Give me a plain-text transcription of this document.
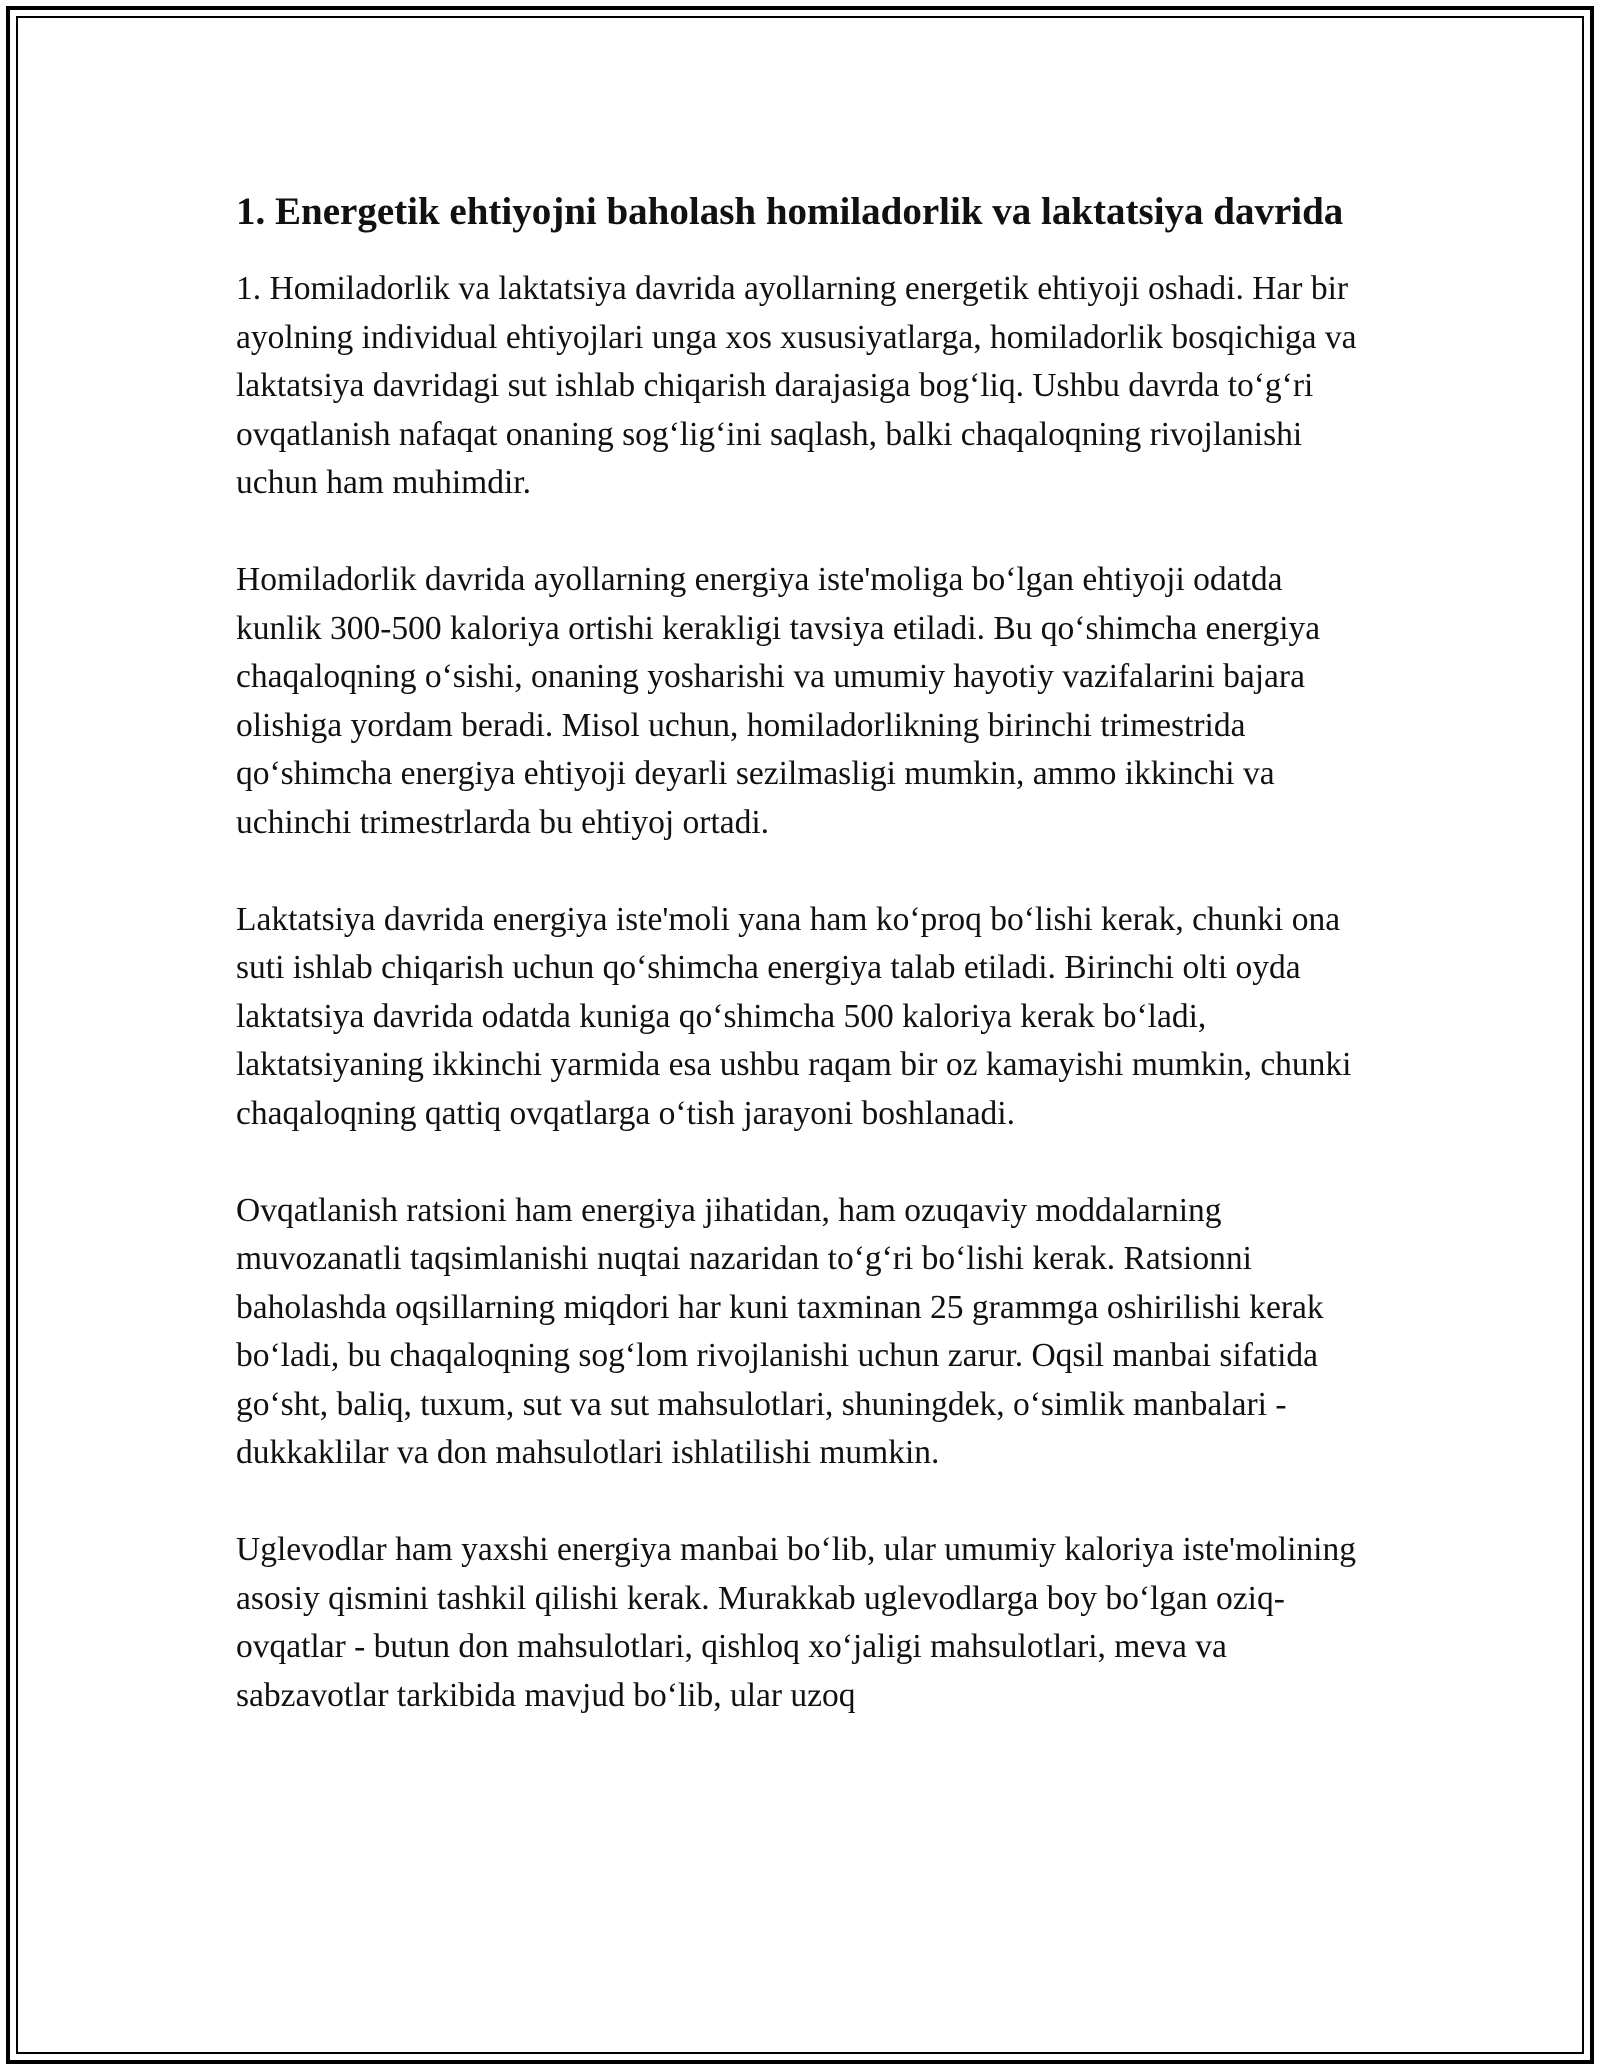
1. Energetik ehtiyojni baholash homiladorlik va laktatsiya davrida

1. Homiladorlik va laktatsiya davrida ayollarning energetik ehtiyoji oshadi. Har bir ayolning individual ehtiyojlari unga xos xususiyatlarga, homiladorlik bosqichiga va laktatsiya davridagi sut ishlab chiqarish darajasiga bog‘liq. Ushbu davrda to‘g‘ri ovqatlanish nafaqat onaning sog‘lig‘ini saqlash, balki chaqaloqning rivojlanishi uchun ham muhimdir.

Homiladorlik davrida ayollarning energiya iste'moliga bo‘lgan ehtiyoji odatda kunlik 300-500 kaloriya ortishi kerakligi tavsiya etiladi. Bu qo‘shimcha energiya chaqaloqning o‘sishi, onaning yosharishi va umumiy hayotiy vazifalarini bajara olishiga yordam beradi. Misol uchun, homiladorlikning birinchi trimestrida qo‘shimcha energiya ehtiyoji deyarli sezilmasligi mumkin, ammo ikkinchi va uchinchi trimestrlarda bu ehtiyoj ortadi.

Laktatsiya davrida energiya iste'moli yana ham ko‘proq bo‘lishi kerak, chunki ona suti ishlab chiqarish uchun qo‘shimcha energiya talab etiladi. Birinchi olti oyda laktatsiya davrida odatda kuniga qo‘shimcha 500 kaloriya kerak bo‘ladi, laktatsiyaning ikkinchi yarmida esa ushbu raqam bir oz kamayishi mumkin, chunki chaqaloqning qattiq ovqatlarga o‘tish jarayoni boshlanadi.

Ovqatlanish ratsioni ham energiya jihatidan, ham ozuqaviy moddalarning muvozanatli taqsimlanishi nuqtai nazaridan to‘g‘ri bo‘lishi kerak. Ratsionni baholashda oqsillarning miqdori har kuni taxminan 25 grammga oshirilishi kerak bo‘ladi, bu chaqaloqning sog‘lom rivojlanishi uchun zarur. Oqsil manbai sifatida go‘sht, baliq, tuxum, sut va sut mahsulotlari, shuningdek, o‘simlik manbalari - dukkaklilar va don mahsulotlari ishlatilishi mumkin.

Uglevodlar ham yaxshi energiya manbai bo‘lib, ular umumiy kaloriya iste'molining asosiy qismini tashkil qilishi kerak. Murakkab uglevodlarga boy bo‘lgan oziq-ovqatlar - butun don mahsulotlari, qishloq xo‘jaligi mahsulotlari, meva va sabzavotlar tarkibida mavjud bo‘lib, ular uzoq
